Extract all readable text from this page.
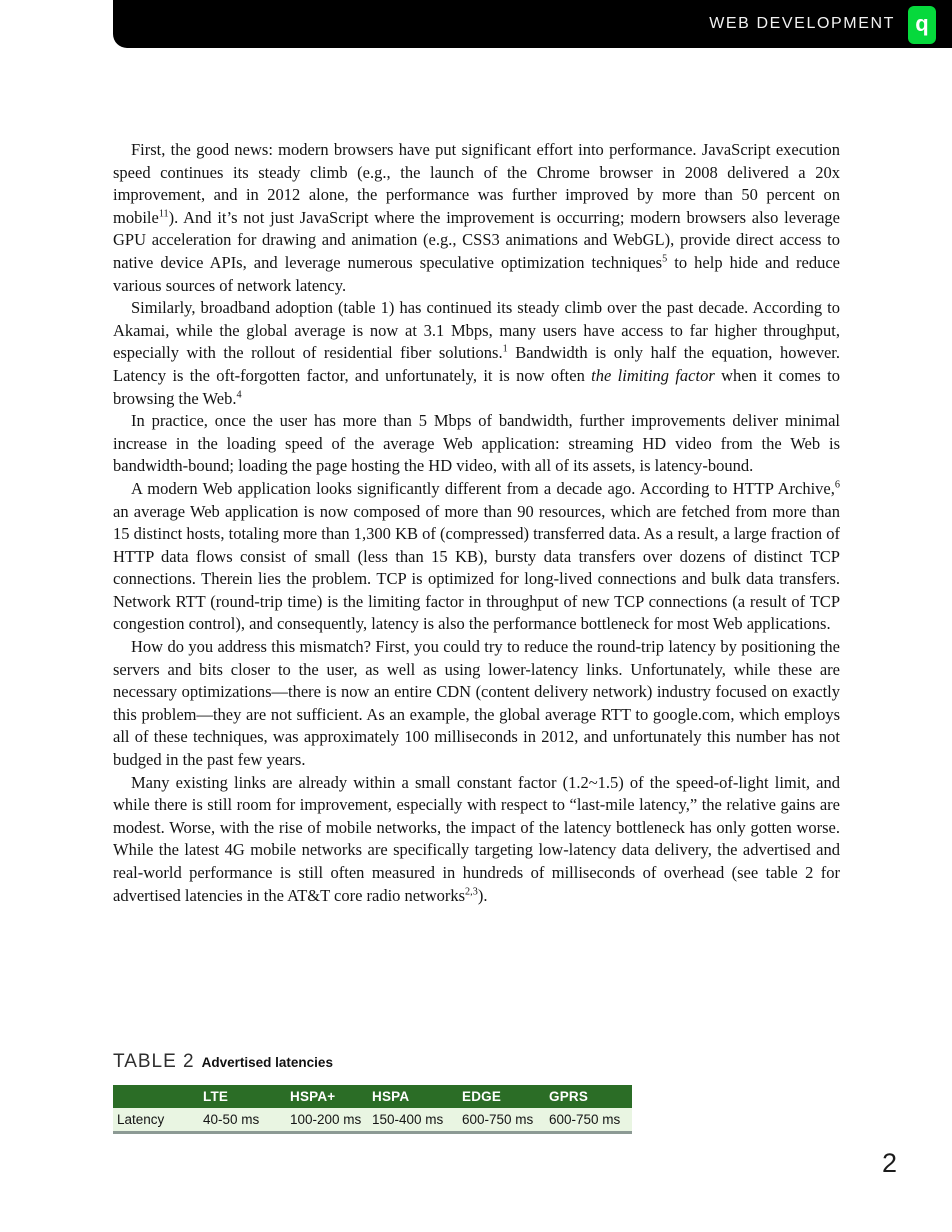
WEB DEVELOPMENT q

First, the good news: modern browsers have put significant effort into performance. JavaScript execution speed continues its steady climb (e.g., the launch of the Chrome browser in 2008 delivered a 20x improvement, and in 2012 alone, the performance was further improved by more than 50 percent on mobile$^{11}$). And it’s not just JavaScript where the improvement is occurring; modern browsers also leverage GPU acceleration for drawing and animation (e.g., CSS3 animations and WebGL), provide direct access to native device APIs, and leverage numerous speculative optimization techniques$^5$ to help hide and reduce various sources of network latency.

Similarly, broadband adoption (table 1) has continued its steady climb over the past decade. According to Akamai, while the global average is now at 3.1 Mbps, many users have access to far higher throughput, especially with the rollout of residential fiber solutions.$^1$ Bandwidth is only half the equation, however. Latency is the oft-forgotten factor, and unfortunately, it is now often the limiting factor when it comes to browsing the Web.$^4$

In practice, once the user has more than 5 Mbps of bandwidth, further improvements deliver minimal increase in the loading speed of the average Web application: streaming HD video from the Web is bandwidth-bound; loading the page hosting the HD video, with all of its assets, is latency-bound.

A modern Web application looks significantly different from a decade ago. According to HTTP Archive,$^6$ an average Web application is now composed of more than 90 resources, which are fetched from more than 15 distinct hosts, totaling more than 1,300 KB of (compressed) transferred data. As a result, a large fraction of HTTP data flows consist of small (less than 15 KB), bursty data transfers over dozens of distinct TCP connections. Therein lies the problem. TCP is optimized for long-lived connections and bulk data transfers. Network RTT (round-trip time) is the limiting factor in throughput of new TCP connections (a result of TCP congestion control), and consequently, latency is also the performance bottleneck for most Web applications.

How do you address this mismatch? First, you could try to reduce the round-trip latency by positioning the servers and bits closer to the user, as well as using lower-latency links. Unfortunately, while these are necessary optimizations—there is now an entire CDN (content delivery network) industry focused on exactly this problem—they are not sufficient. As an example, the global average RTT to google.com, which employs all of these techniques, was approximately 100 milliseconds in 2012, and unfortunately this number has not budged in the past few years.

Many existing links are already within a small constant factor (1.2~1.5) of the speed-of-light limit, and while there is still room for improvement, especially with respect to “last-mile latency,” the relative gains are modest. Worse, with the rise of mobile networks, the impact of the latency bottleneck has only gotten worse. While the latest 4G mobile networks are specifically targeting low-latency data delivery, the advertised and real-world performance is still often measured in hundreds of milliseconds of overhead (see table 2 for advertised latencies in the AT&T core radio networks$^{2,3}$).

TABLE 2 Advertised latencies
	LTE	HSPA+	HSPA	EDGE	GPRS
Latency	40-50 ms	100-200 ms	150-400 ms	600-750 ms	600-750 ms
2
